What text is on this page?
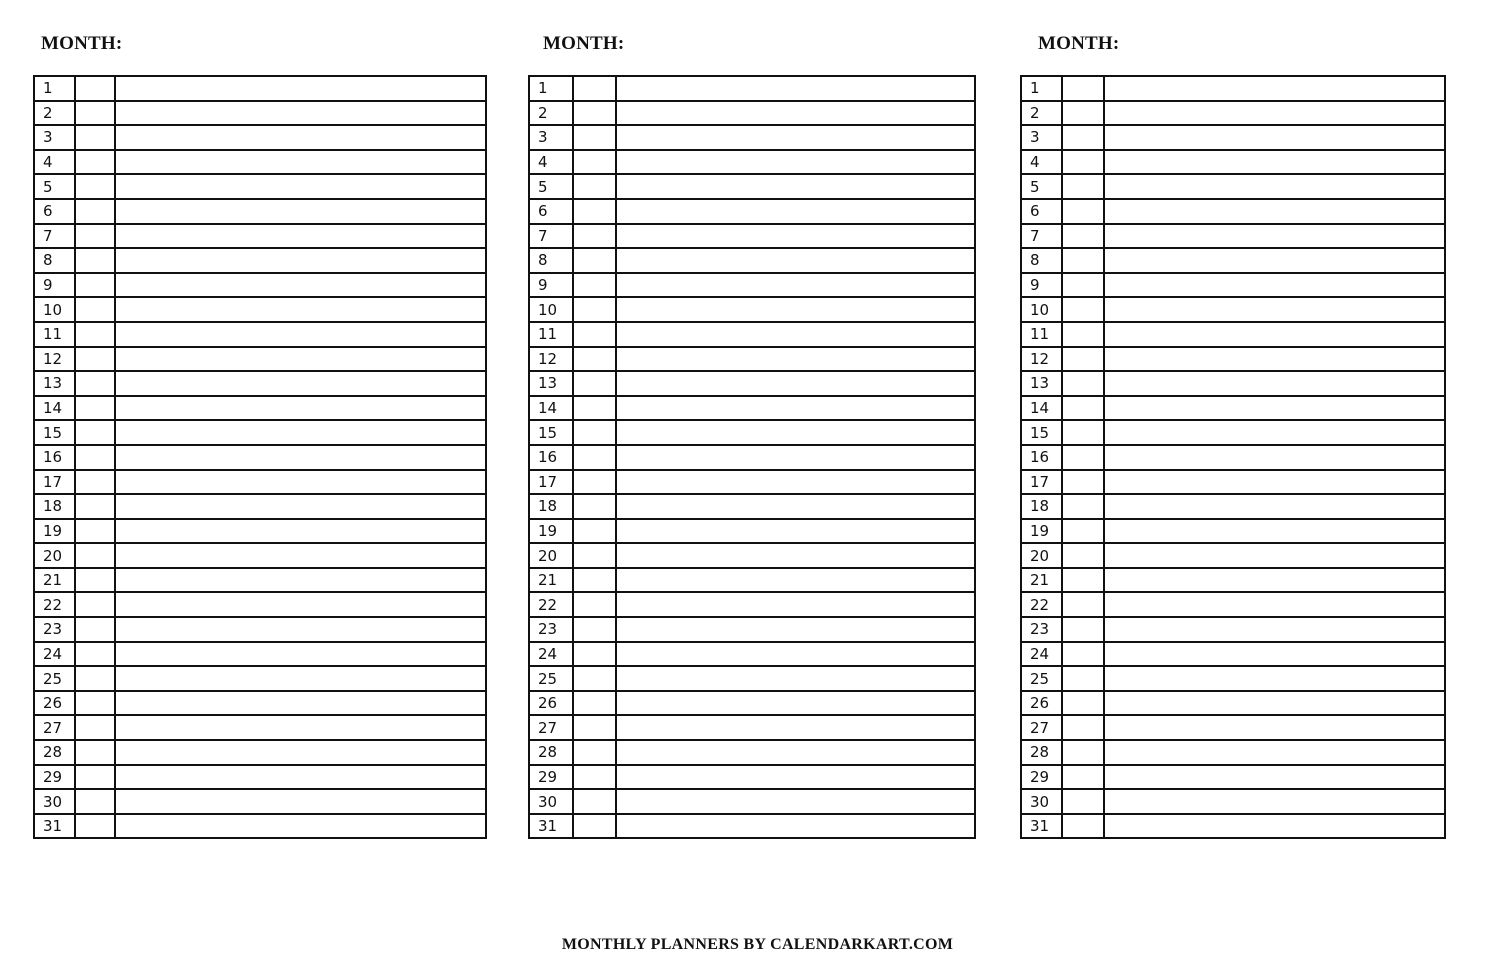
MONTH:	MONTH:	MONTH:
1		
2		
3		
4		
5		
6		
7		
8		
9		
10		
11		
12		
13		
14		
15		
16		
17		
18		
19		
20		
21		
22		
23		
24		
25		
26		
27		
28		
29		
30		
31		
1		
2		
3		
4		
5		
6		
7		
8		
9		
10		
11		
12		
13		
14		
15		
16		
17		
18		
19		
20		
21		
22		
23		
24		
25		
26		
27		
28		
29		
30		
31		
1		
2		
3		
4		
5		
6		
7		
8		
9		
10		
11		
12		
13		
14		
15		
16		
17		
18		
19		
20		
21		
22		
23		
24		
25		
26		
27		
28		
29		
30		
31		
MONTHLY PLANNERS BY CALENDARKART.COM
